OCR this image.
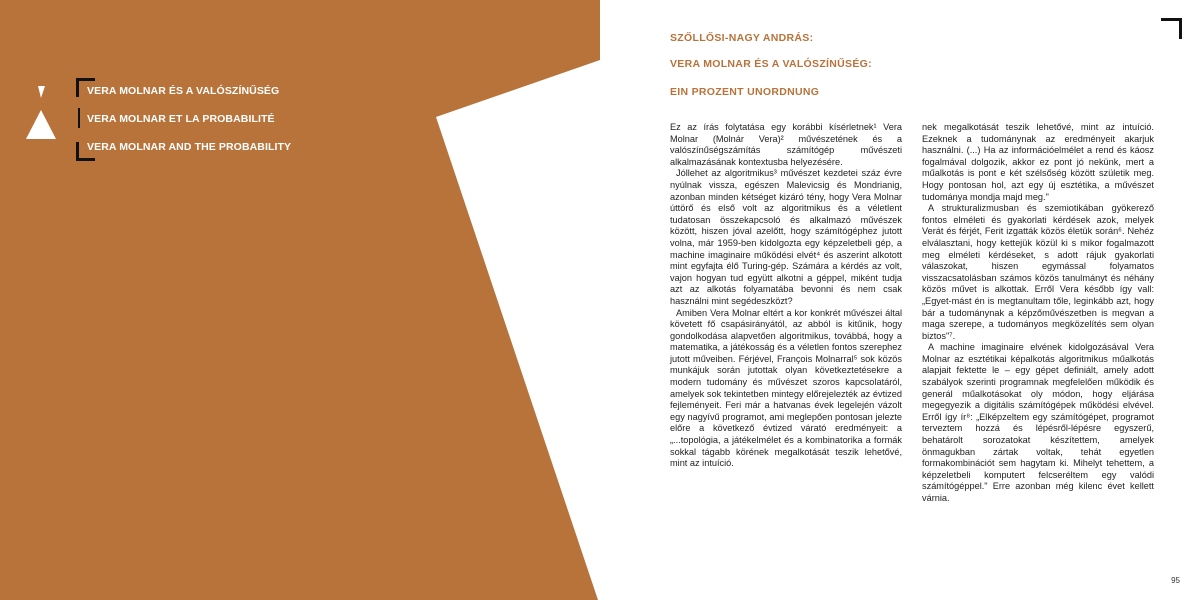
VERA MOLNAR ÉS A VALÓSZÍNŰSÉG
VERA MOLNAR ET LA PROBABILITÉ
VERA MOLNAR AND THE PROBABILITY
SZŐLLŐSI-NAGY ANDRÁS:
VERA MOLNAR ÉS A VALÓSZÍNŰSÉG:
EIN PROZENT UNORDNUNG

Ez az írás folytatása egy korábbi kísérletnek¹ Vera Molnar (Molnár Vera)² művészetének és a valószínűségszámítás számítógép művészeti alkalmazásának kontextusba helyezésére.

Jóllehet az algoritmikus³ művészet kezdetei száz évre nyúlnak vissza, egészen Malevicsig és Mondrianig, azonban minden kétséget kizáró tény, hogy Vera Molnar úttörő és első volt az algoritmikus és a véletlent tudatosan összekapcsoló és alkalmazó művészek között, hiszen jóval azelőtt, hogy számítógéphez jutott volna, már 1959-ben kidolgozta egy képzeletbeli gép, a machine imaginaire működési elvét⁴ és aszerint alkotott mint egyfajta élő Turing-gép. Számára a kérdés az volt, vajon hogyan tud együtt alkotni a géppel, miként tudja azt az alkotás folyamatába bevonni és nem csak használni mint segédeszközt?

Amiben Vera Molnar eltért a kor konkrét művészei által követett fő csapásirányától, az abból is kitűnik, hogy gondolkodása alapvetően algoritmikus, továbbá, hogy a matematika, a játékosság és a véletlen fontos szerephez jutott műveiben. Férjével, François Molnarral⁵ sok közös munkájuk során jutottak olyan következtetésekre a modern tudomány és művészet szoros kapcsolatáról, amelyek sok tekintetben mintegy előrejelezték az évtized fejleményeit. Feri már a hatvanas évek legelején vázolt egy nagyívű programot, ami meglepően pontosan jelezte előre a következő évtized várató eredményeit: a „...topológia, a játékelmélet és a kombinatorika a formák sokkal tágabb körének megalkotását teszik lehetővé, mint az intuíció.

nek megalkotását teszik lehetővé, mint az intuíció. Ezeknek a tudománynak az eredményeit akarjuk használni. (...) Ha az információelmélet a rend és káosz fogalmával dolgozik, akkor ez pont jó nekünk, mert a műalkotás is pont e két szélsőség között születik meg. Hogy pontosan hol, azt egy új esztétika, a művészet tudománya mondja majd meg."

A strukturalizmusban és szemiotikában gyökerező fontos elméleti és gyakorlati kérdések azok, melyek Verát és férjét, Ferit izgatták közös életük során⁶. Nehéz elválasztani, hogy kettejük közül ki s mikor fogalmazott meg elméleti kérdéseket, s adott rájuk gyakorlati válaszokat, hiszen egymással folyamatos visszacsatolásban számos közös tanulmányt és néhány közös művet is alkottak. Erről Vera később így vall: „Egyet-mást én is megtanultam tőle, leginkább azt, hogy bár a tudománynak a képzőművészetben is megvan a maga szerepe, a tudományos megközelítés sem olyan biztos"⁷.

A machine imaginaire elvének kidolgozásával Vera Molnar az esztétikai képalkotás algoritmikus műalkotás alapjait fektette le – egy gépet definiált, amely adott szabályok szerinti programnak megfelelően működik és generál műalkotásokat oly módon, hogy eljárása megegyezik a digitális számítógépek működési elvével. Erről így ír⁸: „Elképzeltem egy számítógépet, programot terveztem hozzá és lépésről-lépésre egyszerű, behatárolt sorozatokat készítettem, amelyek önmagukban zártak voltak, tehát egyetlen formakombinációt sem hagytam ki. Mihelyt tehettem, a képzeletbeli komputert felcseréltem egy valódi számítógéppel." Erre azonban még kilenc évet kellett várnia.

95
